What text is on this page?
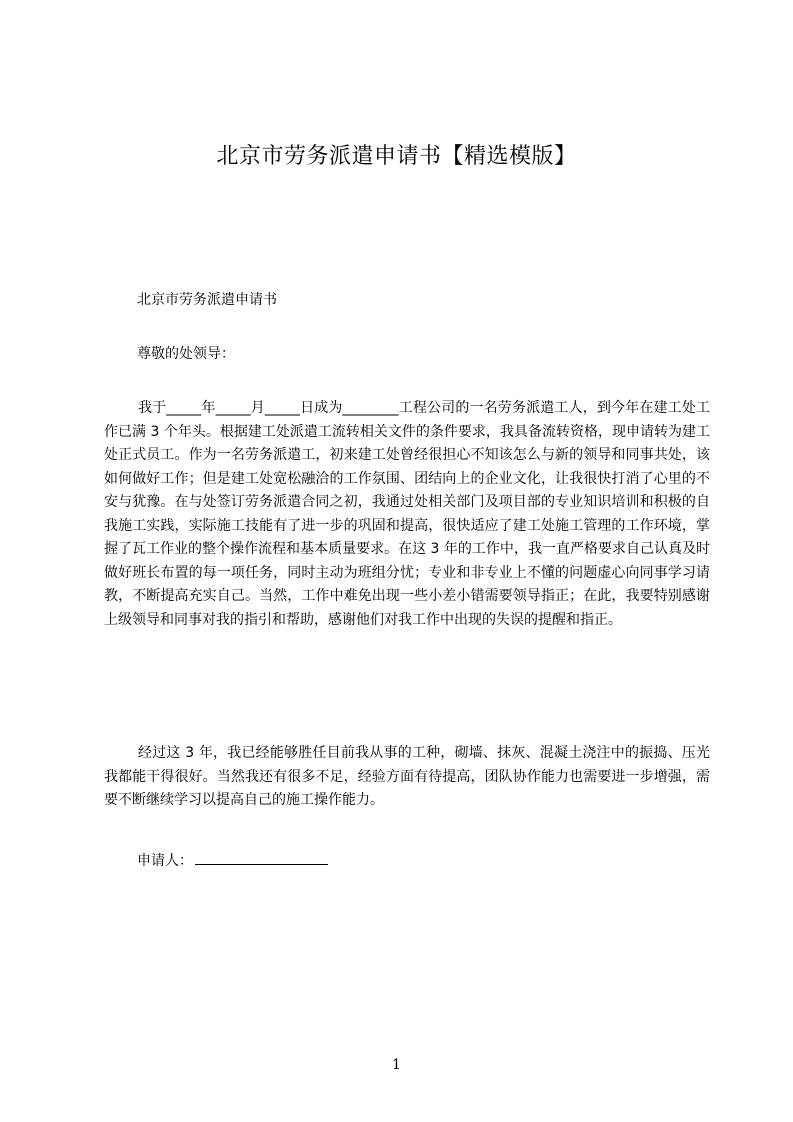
北京市劳务派遣申请书【精选模版】

北京市劳务派遣申请书

尊敬的处领导：

我于_____年_____月_____日成为________工程公司的一名劳务派遣工人，到今年在建工处工作已满 3 个年头。根据建工处派遣工流转相关文件的条件要求，我具备流转资格，现申请转为建工处正式员工。作为一名劳务派遣工，初来建工处曾经很担心不知该怎么与新的领导和同事共处，该如何做好工作；但是建工处宽松融洽的工作氛围、团结向上的企业文化，让我很快打消了心里的不安与犹豫。在与处签订劳务派遣合同之初，我通过处相关部门及项目部的专业知识培训和积极的自我施工实践，实际施工技能有了进一步的巩固和提高，很快适应了建工处施工管理的工作环境，掌握了瓦工作业的整个操作流程和基本质量要求。在这 3 年的工作中，我一直严格要求自己认真及时做好班长布置的每一项任务，同时主动为班组分忧；专业和非专业上不懂的问题虚心向同事学习请教，不断提高充实自己。当然，工作中难免出现一些小差小错需要领导指正；在此，我要特别感谢上级领导和同事对我的指引和帮助，感谢他们对我工作中出现的失误的提醒和指正。

经过这 3 年，我已经能够胜任目前我从事的工种，砌墙、抹灰、混凝土浇注中的振捣、压光我都能干得很好。当然我还有很多不足，经验方面有待提高，团队协作能力也需要进一步增强，需要不断继续学习以提高自己的施工操作能力。

申请人：
1
